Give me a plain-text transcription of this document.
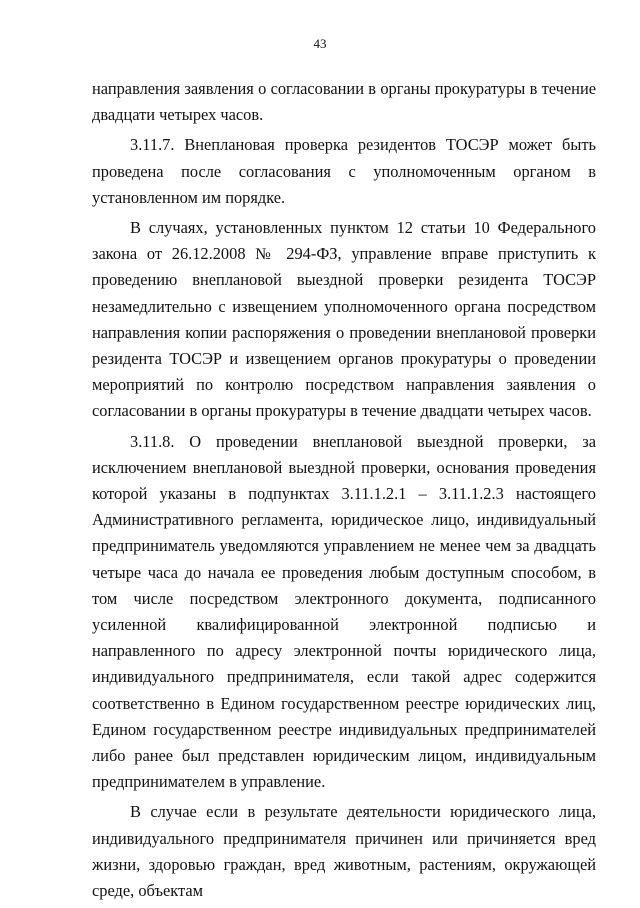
43

направления заявления о согласовании в органы прокуратуры в течение двадцати четырех часов.

3.11.7. Внеплановая проверка резидентов ТОСЭР может быть проведена после согласования с уполномоченным органом в установленном им порядке.

В случаях, установленных пунктом 12 статьи 10 Федерального закона от 26.12.2008 № 294-ФЗ, управление вправе приступить к проведению внеплановой выездной проверки резидента ТОСЭР незамедлительно с извещением уполномоченного органа посредством направления копии распоряжения о проведении внеплановой проверки резидента ТОСЭР и извещением органов прокуратуры о проведении мероприятий по контролю посредством направления заявления о согласовании в органы прокуратуры в течение двадцати четырех часов.

3.11.8. О проведении внеплановой выездной проверки, за исключением внеплановой выездной проверки, основания проведения которой указаны в подпунктах 3.11.1.2.1 – 3.11.1.2.3 настоящего Административного регламента, юридическое лицо, индивидуальный предприниматель уведомляются управлением не менее чем за двадцать четыре часа до начала ее проведения любым доступным способом, в том числе посредством электронного документа, подписанного усиленной квалифицированной электронной подписью и направленного по адресу электронной почты юридического лица, индивидуального предпринимателя, если такой адрес содержится соответственно в Едином государственном реестре юридических лиц, Едином государственном реестре индивидуальных предпринимателей либо ранее был представлен юридическим лицом, индивидуальным предпринимателем в управление.

В случае если в результате деятельности юридического лица, индивидуального предпринимателя причинен или причиняется вред жизни, здоровью граждан, вред животным, растениям, окружающей среде, объектам
